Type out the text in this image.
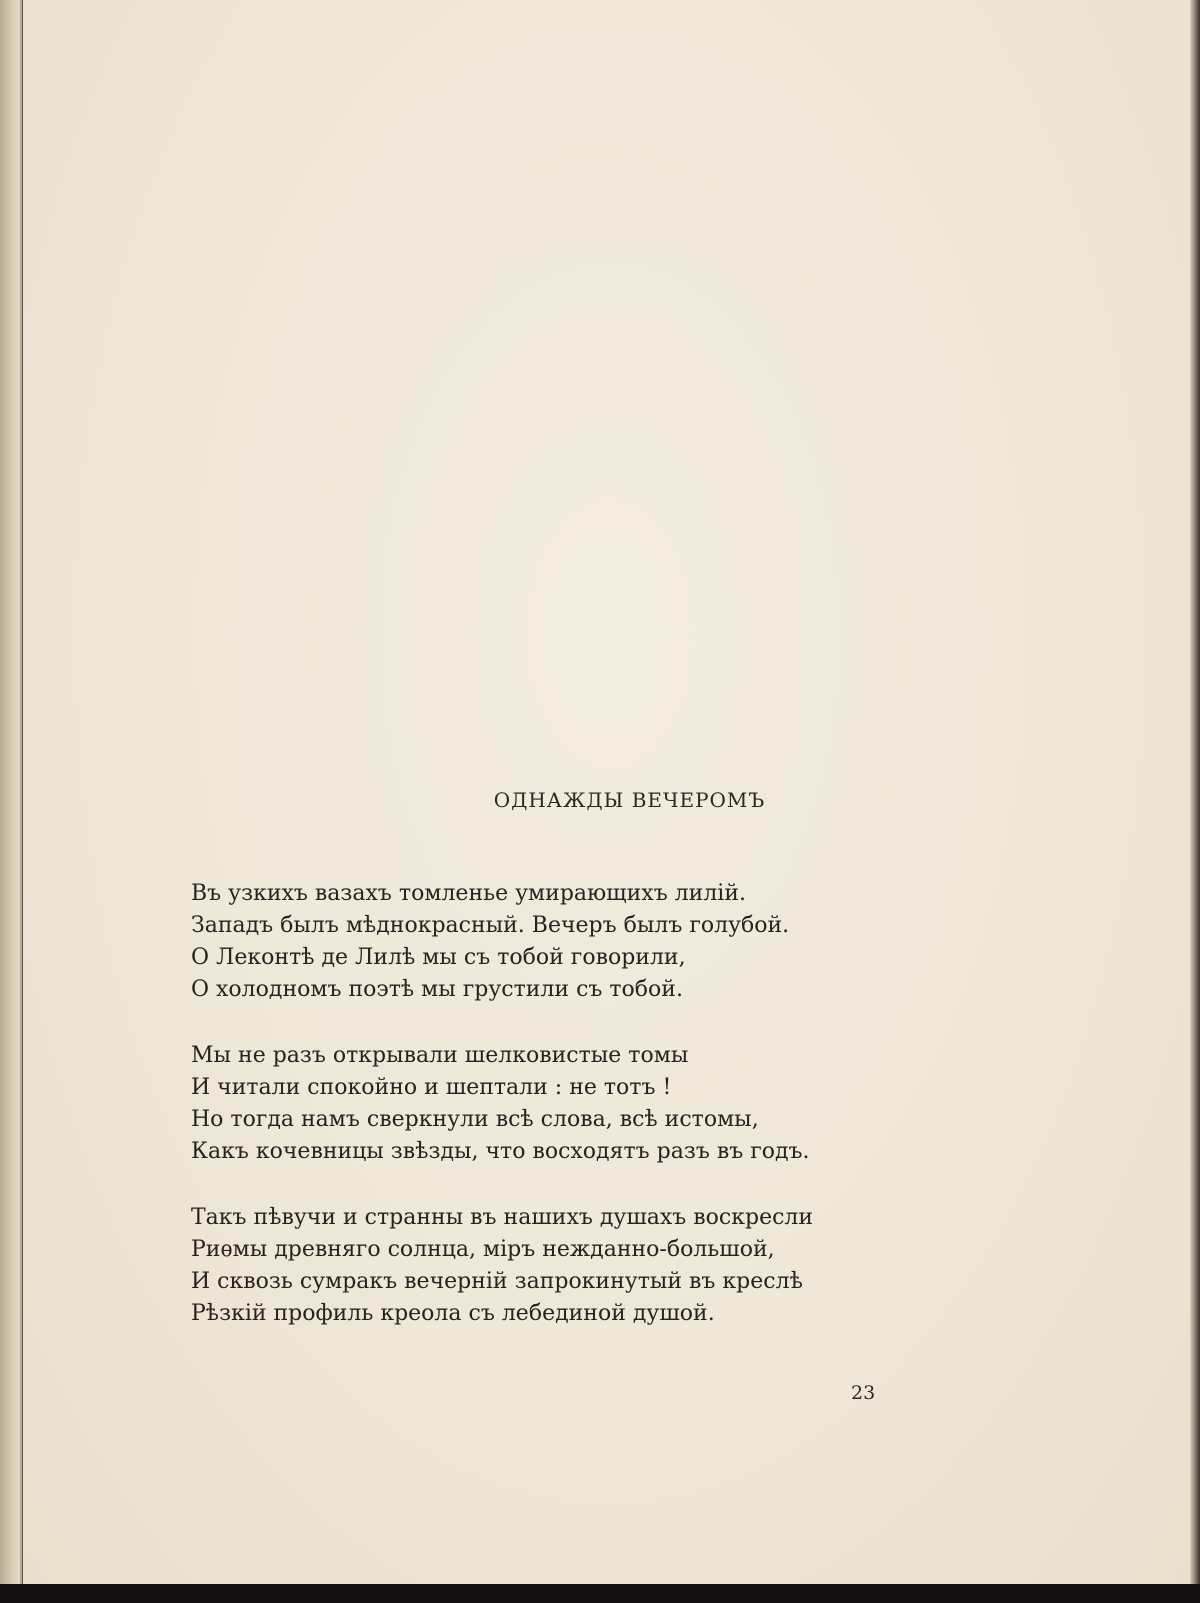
ОДНАЖДЫ ВЕЧЕРОМЪ
Въ узкихъ вазахъ томленье умирающихъ лилій.
Западъ былъ мѣднокрасный. Вечеръ былъ голубой.
О Леконтѣ де Лилѣ мы съ тобой говорили,
О холодномъ поэтѣ мы грустили съ тобой.
Мы не разъ открывали шелковистые томы
И читали спокойно и шептали : не тотъ !
Но тогда намъ сверкнули всѣ слова, всѣ истомы,
Какъ кочевницы звѣзды, что восходятъ разъ въ годъ.
Такъ пѣвучи и странны въ нашихъ душахъ воскресли
Риѳмы древняго солнца, міръ нежданно-большой,
И сквозь сумракъ вечерній запрокинутый въ креслѣ
Рѣзкій профиль креола съ лебединой душой.
23
